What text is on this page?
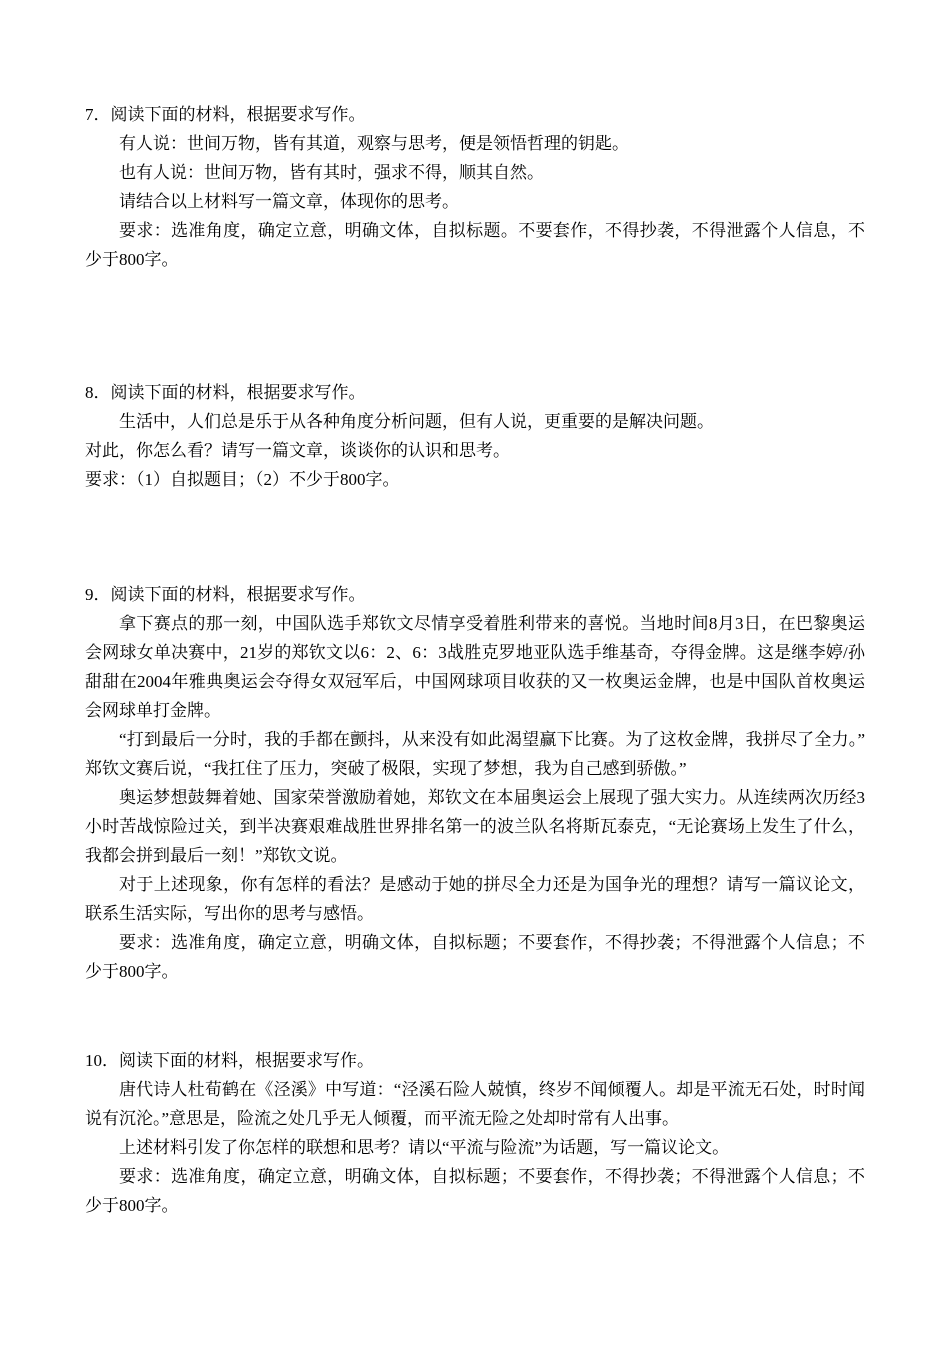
7．阅读下面的材料，根据要求写作。

有人说：世间万物，皆有其道，观察与思考，便是领悟哲理的钥匙。

也有人说：世间万物，皆有其时，强求不得，顺其自然。

请结合以上材料写一篇文章，体现你的思考。

要求：选准角度，确定立意，明确文体，自拟标题。不要套作，不得抄袭，不得泄露个人信息，不少于800字。

8．阅读下面的材料，根据要求写作。

生活中，人们总是乐于从各种角度分析问题，但有人说，更重要的是解决问题。

对此，你怎么看？请写一篇文章，谈谈你的认识和思考。

要求：（1）自拟题目；（2）不少于800字。

9．阅读下面的材料，根据要求写作。

拿下赛点的那一刻，中国队选手郑钦文尽情享受着胜利带来的喜悦。当地时间8月3日，在巴黎奥运会网球女单决赛中，21岁的郑钦文以6：2、6：3战胜克罗地亚队选手维基奇，夺得金牌。这是继李婷/孙甜甜在2004年雅典奥运会夺得女双冠军后，中国网球项目收获的又一枚奥运金牌，也是中国队首枚奥运会网球单打金牌。

“打到最后一分时，我的手都在颤抖，从来没有如此渴望赢下比赛。为了这枚金牌，我拼尽了全力。”郑钦文赛后说，“我扛住了压力，突破了极限，实现了梦想，我为自己感到骄傲。”

奥运梦想鼓舞着她、国家荣誉激励着她，郑钦文在本届奥运会上展现了强大实力。从连续两次历经3小时苦战惊险过关，到半决赛艰难战胜世界排名第一的波兰队名将斯瓦泰克，“无论赛场上发生了什么，我都会拼到最后一刻！”郑钦文说。

对于上述现象，你有怎样的看法？是感动于她的拼尽全力还是为国争光的理想？请写一篇议论文，联系生活实际，写出你的思考与感悟。

要求：选准角度，确定立意，明确文体，自拟标题；不要套作，不得抄袭；不得泄露个人信息；不少于800字。

10．阅读下面的材料，根据要求写作。

唐代诗人杜荀鹤在《泾溪》中写道：“泾溪石险人兢慎，终岁不闻倾覆人。却是平流无石处，时时闻说有沉沦。”意思是，险流之处几乎无人倾覆，而平流无险之处却时常有人出事。

上述材料引发了你怎样的联想和思考？请以“平流与险流”为话题，写一篇议论文。

要求：选准角度，确定立意，明确文体，自拟标题；不要套作，不得抄袭；不得泄露个人信息；不少于800字。
